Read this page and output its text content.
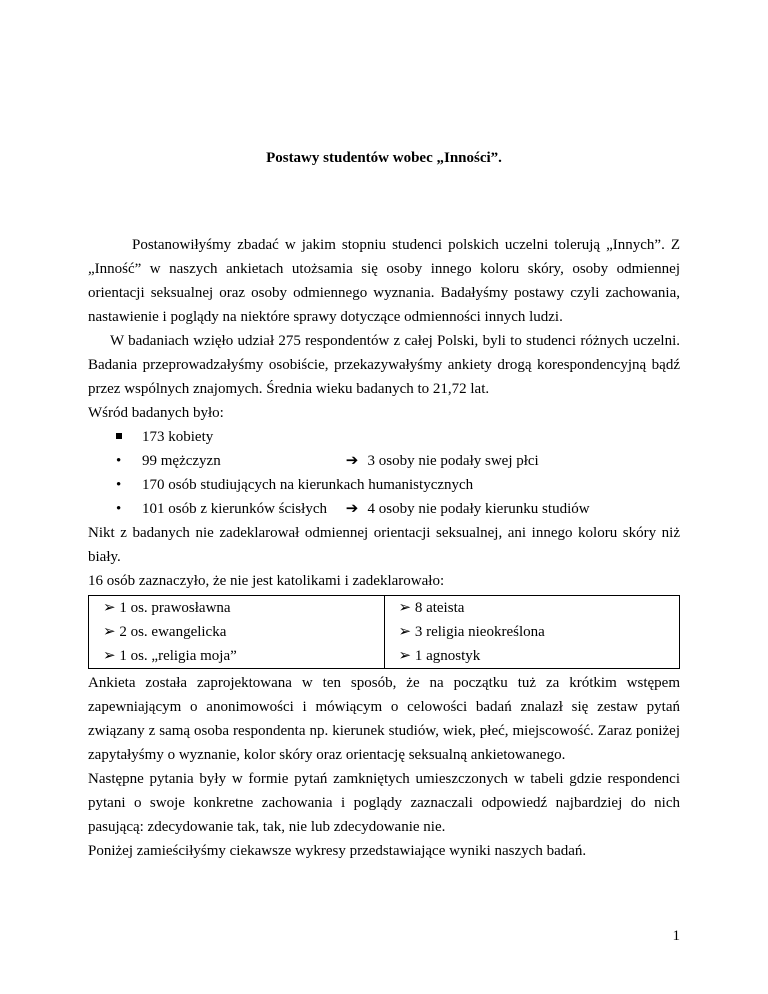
Postawy studentów wobec „Inności”.

Postanowiłyśmy zbadać w jakim stopniu studenci polskich uczelni tolerują „Innych”. Z „Inność” w naszych ankietach utożsamia się osoby innego koloru skóry, osoby odmiennej orientacji seksualnej oraz osoby odmiennego wyznania. Badałyśmy postawy czyli zachowania, nastawienie i poglądy na niektóre sprawy dotyczące odmienności innych ludzi.

W badaniach wzięło udział 275 respondentów z całej Polski, byli to studenci różnych uczelni. Badania przeprowadzałyśmy osobiście, przekazywałyśmy ankiety drogą korespondencyjną bądź przez wspólnych znajomych. Średnia wieku badanych to 21,72 lat.

Wśród badanych było:

173 kobiety
•	99 mężczyzn	➔ 3 osoby nie podały swej płci
•	170 osób studiujących na kierunkach humanistycznych
•	101 osób z kierunków ścisłych ➔ 4 osoby nie podały kierunku studiów

Nikt z badanych nie zadeklarował odmiennej orientacji seksualnej, ani innego koloru skóry niż biały.

16 osób zaznaczyło, że nie jest katolikami i zadeklarowało:

➢ 1 os. prawosławna	➢ 8 ateista
➢ 2 os. ewangelicka	➢ 3 religia nieokreślona
➢ 1 os. „religia moja”	➢ 1 agnostyk

Ankieta została zaprojektowana w ten sposób, że na początku tuż za krótkim wstępem zapewniającym o anonimowości i mówiącym o celowości badań znalazł się zestaw pytań związany z samą osoba respondenta np. kierunek studiów, wiek, płeć, miejscowość. Zaraz poniżej zapytałyśmy o wyznanie, kolor skóry oraz orientację seksualną ankietowanego.

Następne pytania były w formie pytań zamkniętych umieszczonych w tabeli gdzie respondenci pytani o swoje konkretne zachowania i poglądy zaznaczali odpowiedź najbardziej do nich pasującą: zdecydowanie tak, tak, nie lub zdecydowanie nie.

Poniżej zamieściłyśmy ciekawsze wykresy przedstawiające wyniki naszych badań.

1
